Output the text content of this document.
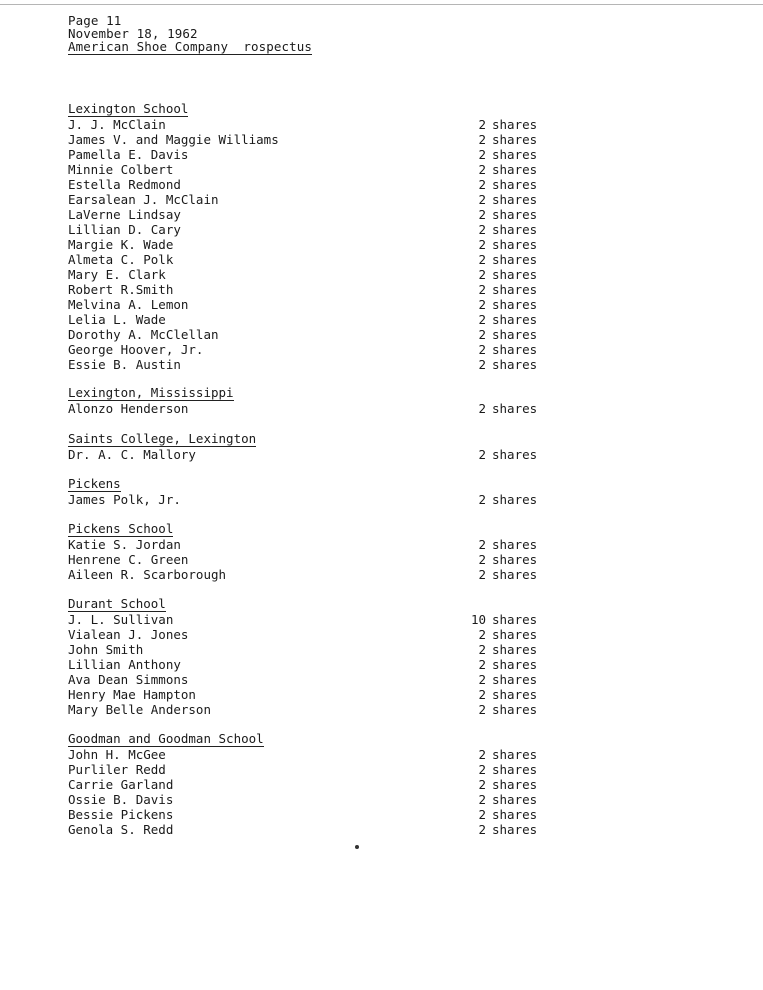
Page 11
November 18, 1962
American Shoe Company  rospectus
Lexington School
J. J. McClain	2 shares
James V. and Maggie Williams	2 shares
Pamella E. Davis	2 shares
Minnie Colbert	2 shares
Estella Redmond	2 shares
Earsalean J. McClain	2 shares
LaVerne Lindsay	2 shares
Lillian D. Cary	2 shares
Margie K. Wade	2 shares
Almeta C. Polk	2 shares
Mary E. Clark	2 shares
Robert R.Smith	2 shares
Melvina A. Lemon	2 shares
Lelia L. Wade	2 shares
Dorothy A. McClellan	2 shares
George Hoover, Jr.	2 shares
Essie B. Austin	2 shares
Lexington, Mississippi
Alonzo Henderson	2 shares
Saints College, Lexington
Dr. A. C. Mallory	2 shares
Pickens
James Polk, Jr.	2 shares
Pickens School
Katie S. Jordan	2 shares
Henrene C. Green	2 shares
Aileen R. Scarborough	2 shares
Durant School
J. L. Sullivan	10 shares
Vialean J. Jones	2 shares
John Smith	2 shares
Lillian Anthony	2 shares
Ava Dean Simmons	2 shares
Henry Mae Hampton	2 shares
Mary Belle Anderson	2 shares
Goodman and Goodman School
John H. McGee	2 shares
Purliler Redd	2 shares
Carrie Garland	2 shares
Ossie B. Davis	2 shares
Bessie Pickens	2 shares
Genola S. Redd	2 shares
